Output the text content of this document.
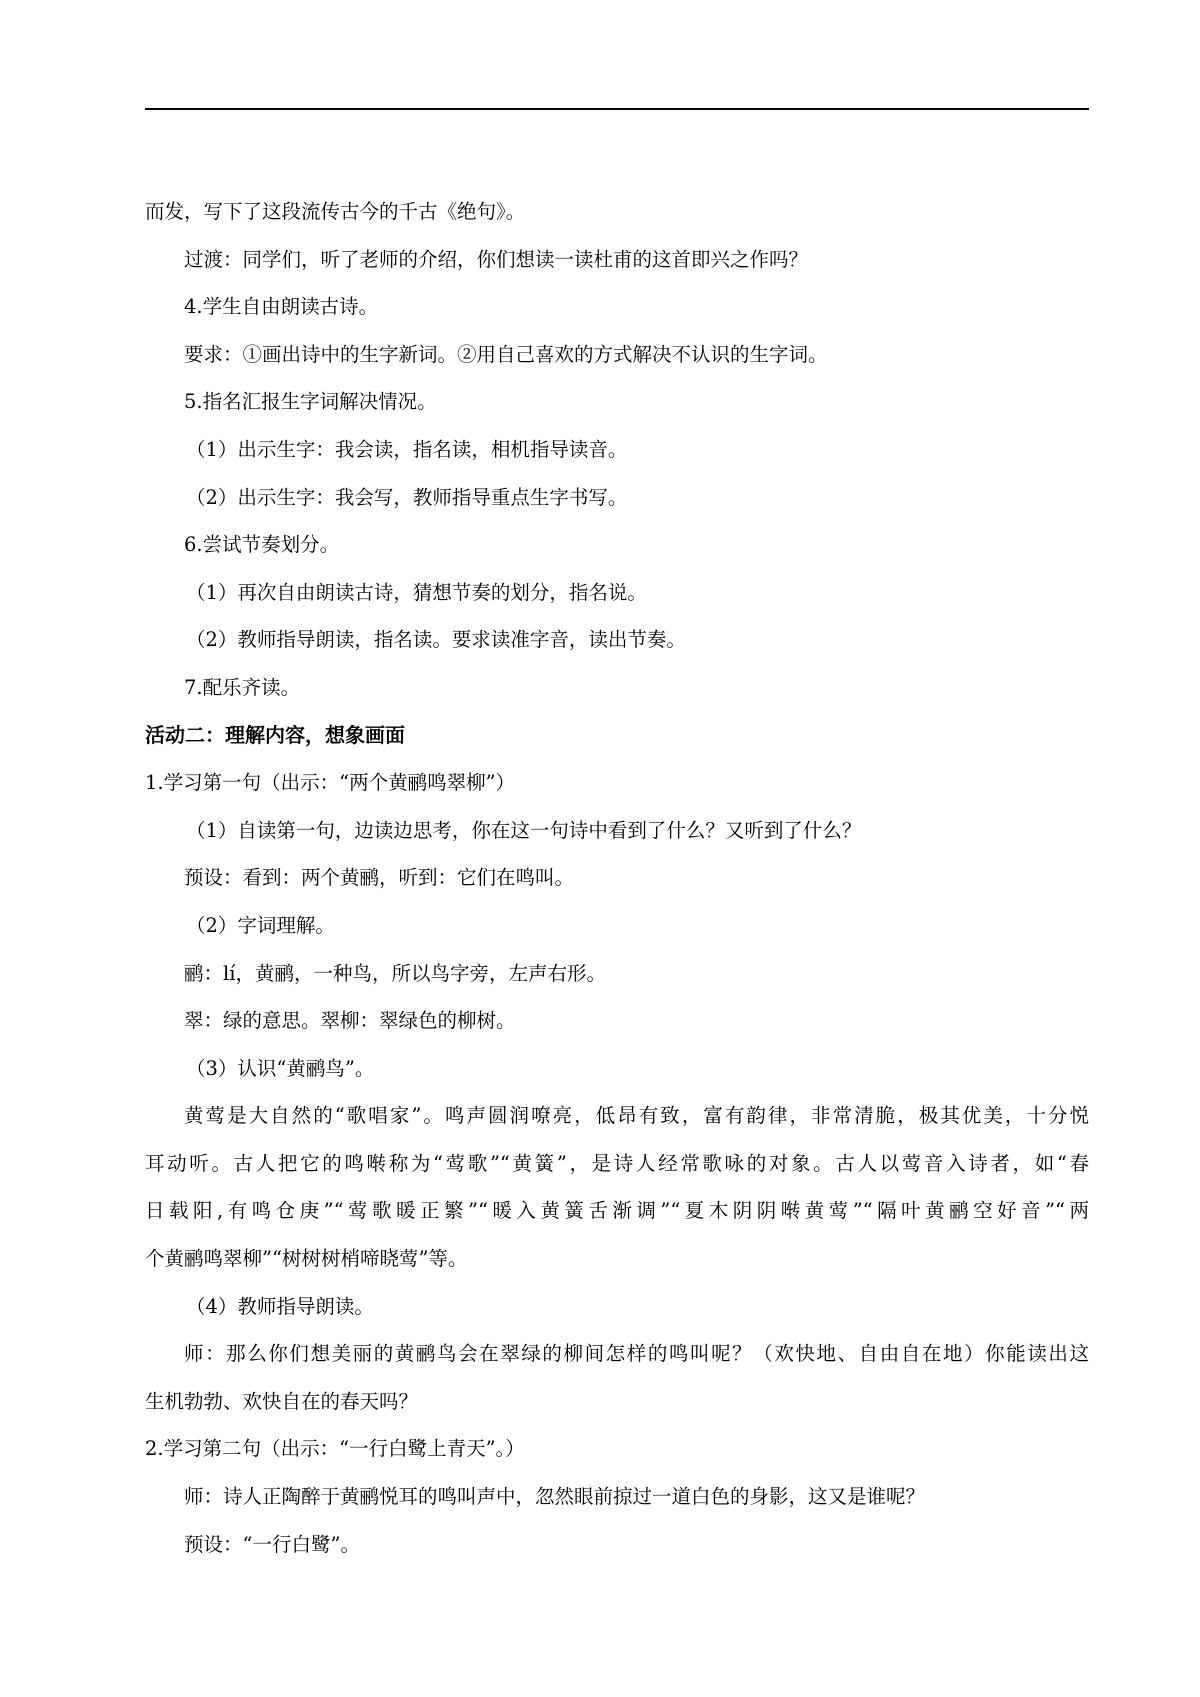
而发，写下了这段流传古今的千古《绝句》。

过渡：同学们，听了老师的介绍，你们想读一读杜甫的这首即兴之作吗？

4.学生自由朗读古诗。

要求：①画出诗中的生字新词。②用自己喜欢的方式解决不认识的生字词。

5.指名汇报生字词解决情况。

（1）出示生字：我会读，指名读，相机指导读音。

（2）出示生字：我会写，教师指导重点生字书写。

6.尝试节奏划分。

（1）再次自由朗读古诗，猜想节奏的划分，指名说。

（2）教师指导朗读，指名读。要求读准字音，读出节奏。

7.配乐齐读。

活动二：理解内容，想象画面

1.学习第一句（出示：“两个黄鹂鸣翠柳”）

（1）自读第一句，边读边思考，你在这一句诗中看到了什么？又听到了什么？

预设：看到：两个黄鹂，听到：它们在鸣叫。

（2）字词理解。

鹂：lí，黄鹂，一种鸟，所以鸟字旁，左声右形。

翠：绿的意思。翠柳：翠绿色的柳树。

（3）认识“黄鹂鸟”。

黄莺是大自然的“歌唱家”。鸣声圆润嘹亮，低昂有致，富有韵律，非常清脆，极其优美，十分悦

耳动听。古人把它的鸣啭称为“莺歌”“黄簧”，是诗人经常歌咏的对象。古人以莺音入诗者，如“春

日载阳,有鸣仓庚”“莺歌暖正繁”“暖入黄簧舌渐调”“夏木阴阴啭黄莺”“隔叶黄鹂空好音”“两

个黄鹂鸣翠柳”“树树树梢啼晓莺”等。

（4）教师指导朗读。

师：那么你们想美丽的黄鹂鸟会在翠绿的柳间怎样的鸣叫呢？（欢快地、自由自在地）你能读出这

生机勃勃、欢快自在的春天吗？

2.学习第二句（出示：“一行白鹭上青天”。）

师：诗人正陶醉于黄鹂悦耳的鸣叫声中，忽然眼前掠过一道白色的身影，这又是谁呢？

预设：“一行白鹭”。
